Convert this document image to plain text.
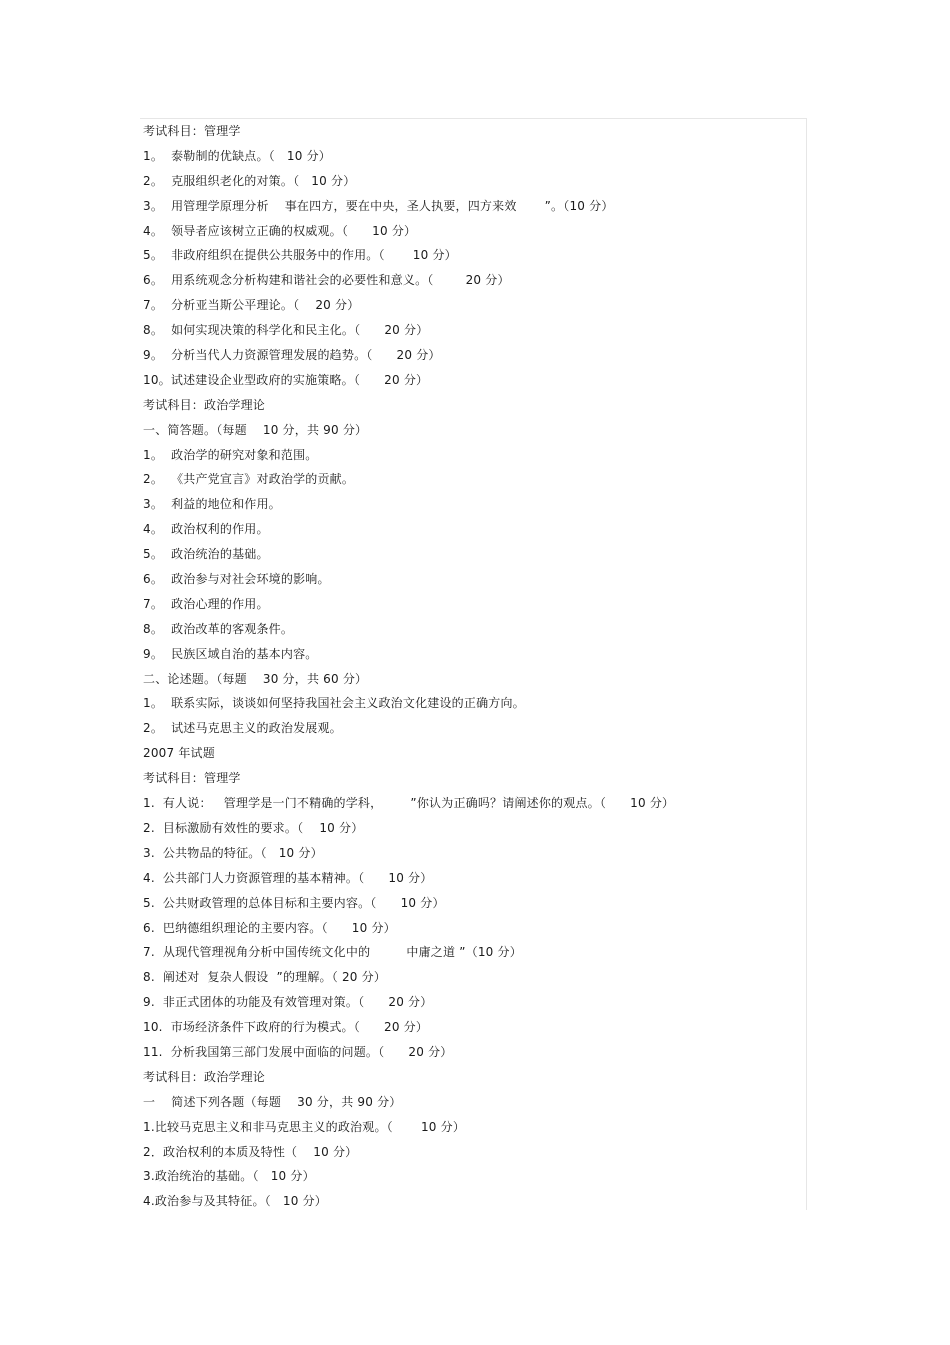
考试科目：管理学
1。  泰勒制的优缺点。（   10 分）
2。  克服组织老化的对策。（   10 分）
3。  用管理学原理分析    事在四方，要在中央，圣人执要，四方来效       ”。（10 分）
4。  领导者应该树立正确的权威观。（      10 分）
5。  非政府组织在提供公共服务中的作用。（       10 分）
6。  用系统观念分析构建和谐社会的必要性和意义。（        20 分）
7。  分析亚当斯公平理论。（    20 分）
8。  如何实现决策的科学化和民主化。（      20 分）
9。  分析当代人力资源管理发展的趋势。（      20 分）
10。试述建设企业型政府的实施策略。（      20 分）
考试科目：政治学理论
一、简答题。（每题    10 分，共 90 分）
1。  政治学的研究对象和范围。
2。  《共产党宣言》对政治学的贡献。
3。  利益的地位和作用。
4。  政治权利的作用。
5。  政治统治的基础。
6。  政治参与对社会环境的影响。
7。  政治心理的作用。
8。  政治改革的客观条件。
9。  民族区域自治的基本内容。
二、论述题。（每题    30 分，共 60 分）
1。  联系实际，谈谈如何坚持我国社会主义政治文化建设的正确方向。
2。  试述马克思主义的政治发展观。
2007 年试题
考试科目：管理学
1.  有人说：   管理学是一门不精确的学科，       ”你认为正确吗？请阐述你的观点。（      10 分）
2.  目标激励有效性的要求。（    10 分）
3.  公共物品的特征。（   10 分）
4.  公共部门人力资源管理的基本精神。（      10 分）
5.  公共财政管理的总体目标和主要内容。（      10 分）
6.  巴纳德组织理论的主要内容。（      10 分）
7.  从现代管理视角分析中国传统文化中的         中庸之道 ”（10 分）
8.  阐述对  复杂人假设  ”的理解。（ 20 分）
9.  非正式团体的功能及有效管理对策。（      20 分）
10.  市场经济条件下政府的行为模式。（      20 分）
11.  分析我国第三部门发展中面临的问题。（      20 分）
考试科目：政治学理论
一    简述下列各题（每题    30 分，共 90 分）
1.比较马克思主义和非马克思主义的政治观。（       10 分）
2．政治权利的本质及特性（    10 分）
3.政治统治的基础。（   10 分）
4.政治参与及其特征。（   10 分）
